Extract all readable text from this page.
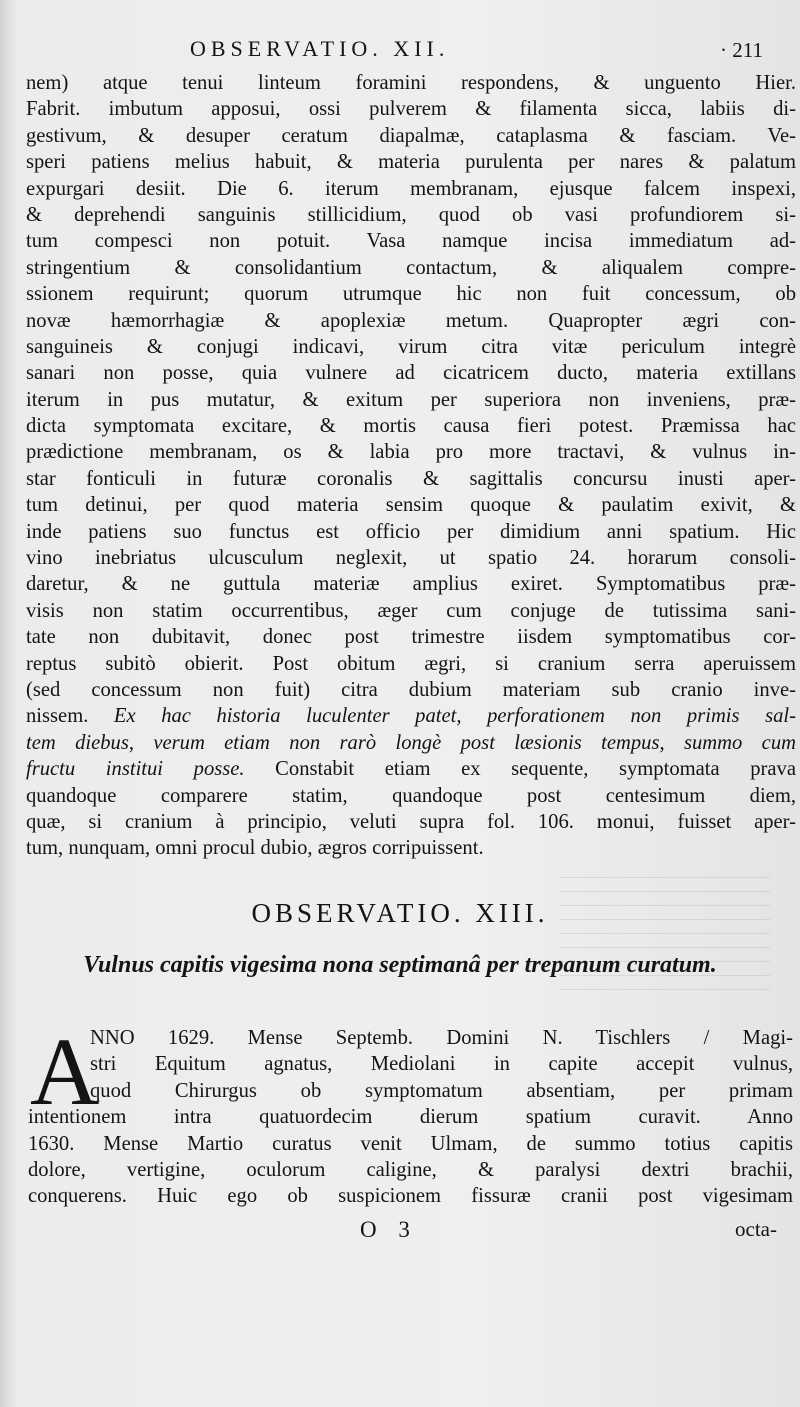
OBSERVATIO. XII.	· 211
nem) atque tenui linteum foramini respondens, & unguento Hier.
Fabrit. imbutum apposui, ossi pulverem & filamenta sicca, labiis di-
gestivum, & desuper ceratum diapalmæ, cataplasma & fasciam. Ve-
speri patiens melius habuit, & materia purulenta per nares & palatum
expurgari desiit. Die 6. iterum membranam, ejusque falcem inspexi,
& deprehendi sanguinis stillicidium, quod ob vasi profundiorem si-
tum compesci non potuit. Vasa namque incisa immediatum ad-
stringentium & consolidantium contactum, & aliqualem compre-
ssionem requirunt; quorum utrumque hic non fuit concessum, ob
novæ hæmorrhagiæ & apoplexiæ metum. Quapropter ægri con-
sanguineis & conjugi indicavi, virum citra vitæ periculum integrè
sanari non posse, quia vulnere ad cicatricem ducto, materia extillans
iterum in pus mutatur, & exitum per superiora non inveniens, præ-
dicta symptomata excitare, & mortis causa fieri potest. Præmissa hac
prædictione membranam, os & labia pro more tractavi, & vulnus in-
star fonticuli in futuræ coronalis & sagittalis concursu inusti aper-
tum detinui, per quod materia sensim quoque & paulatim exivit, &
inde patiens suo functus est officio per dimidium anni spatium. Hic
vino inebriatus ulcusculum neglexit, ut spatio 24. horarum consoli-
daretur, & ne guttula materiæ amplius exiret. Symptomatibus præ-
visis non statim occurrentibus, æger cum conjuge de tutissima sani-
tate non dubitavit, donec post trimestre iisdem symptomatibus cor-
reptus subitò obierit. Post obitum ægri, si cranium serra aperuissem
(sed concessum non fuit) citra dubium materiam sub cranio inve-
nissem. Ex hac historia luculenter patet, perforationem non primis sal-
tem diebus, verum etiam non rarò longè post læsionis tempus, summo cum
fructu institui posse. Constabit etiam ex sequente, symptomata prava
quandoque comparere statim, quandoque post centesimum diem,
quæ, si cranium à principio, veluti supra fol. 106. monui, fuisset aper-
tum, nunquam, omni procul dubio, ægros corripuissent.
OBSERVATIO. XIII.
Vulnus capitis vigesima nona septimanâ per trepanum curatum.
A
NNO 1629. Mense Septemb. Domini N. Tischlers / Magi-
stri Equitum agnatus, Mediolani in capite accepit vulnus,
quod Chirurgus ob symptomatum absentiam, per primam
intentionem intra quatuordecim dierum spatium curavit. Anno
1630. Mense Martio curatus venit Ulmam, de summo totius capitis
dolore, vertigine, oculorum caligine, & paralysi dextri brachii,
conquerens. Huic ego ob suspicionem fissuræ cranii post vigesimam
O 3	octa-
